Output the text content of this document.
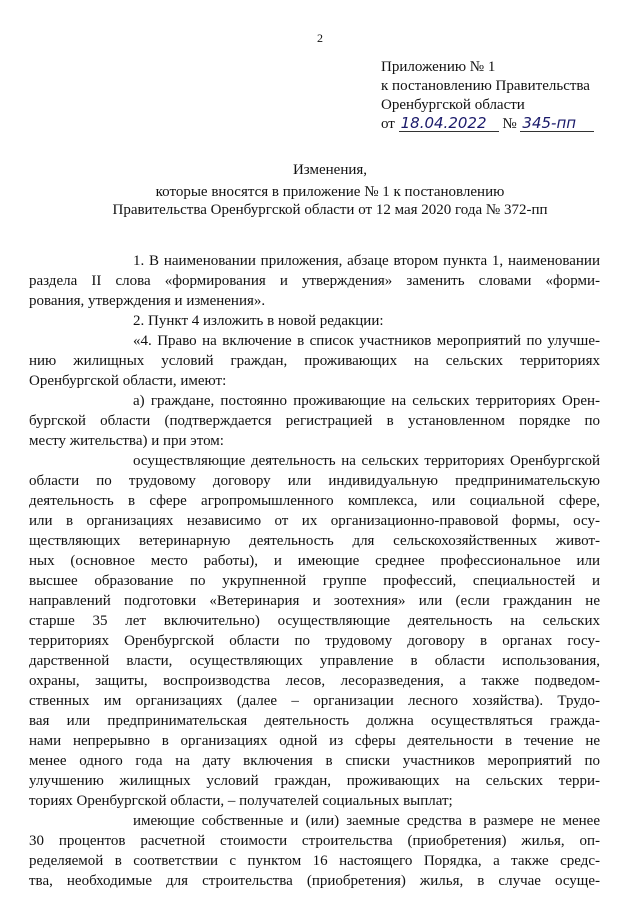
2
Приложению № 1
к постановлению Правительства
Оренбургской области
от 18.04.2022 № 345-пп
Изменения,
которые вносятся в приложение № 1 к постановлению
Правительства Оренбургской области от 12 мая 2020 года № 372-пп
1. В наименовании приложения, абзаце втором пункта 1, наименовании
раздела II слова «формирования и утверждения» заменить словами «форми-
рования, утверждения и изменения».
2. Пункт 4 изложить в новой редакции:
«4. Право на включение в список участников мероприятий по улучше-
нию жилищных условий граждан, проживающих на сельских территориях
Оренбургской области, имеют:
а) граждане, постоянно проживающие на сельских территориях Орен-
бургской области (подтверждается регистрацией в установленном порядке по
месту жительства) и при этом:
осуществляющие деятельность на сельских территориях Оренбургской
области по трудовому договору или индивидуальную предпринимательскую
деятельность в сфере агропромышленного комплекса, или социальной сфере,
или в организациях независимо от их организационно-правовой формы, осу-
ществляющих ветеринарную деятельность для сельскохозяйственных живот-
ных (основное место работы), и имеющие среднее профессиональное или
высшее образование по укрупненной группе профессий, специальностей и
направлений подготовки «Ветеринария и зоотехния» или (если гражданин не
старше 35 лет включительно) осуществляющие деятельность на сельских
территориях Оренбургской области по трудовому договору в органах госу-
дарственной власти, осуществляющих управление в области использования,
охраны, защиты, воспроизводства лесов, лесоразведения, а также подведом-
ственных им организациях (далее – организации лесного хозяйства). Трудо-
вая или предпринимательская деятельность должна осуществляться гражда-
нами непрерывно в организациях одной из сферы деятельности в течение не
менее одного года на дату включения в списки участников мероприятий по
улучшению жилищных условий граждан, проживающих на сельских терри-
ториях Оренбургской области, – получателей социальных выплат;
имеющие собственные и (или) заемные средства в размере не менее
30 процентов расчетной стоимости строительства (приобретения) жилья, оп-
ределяемой в соответствии с пунктом 16 настоящего Порядка, а также средс-
тва, необходимые для строительства (приобретения) жилья, в случае осуще-
